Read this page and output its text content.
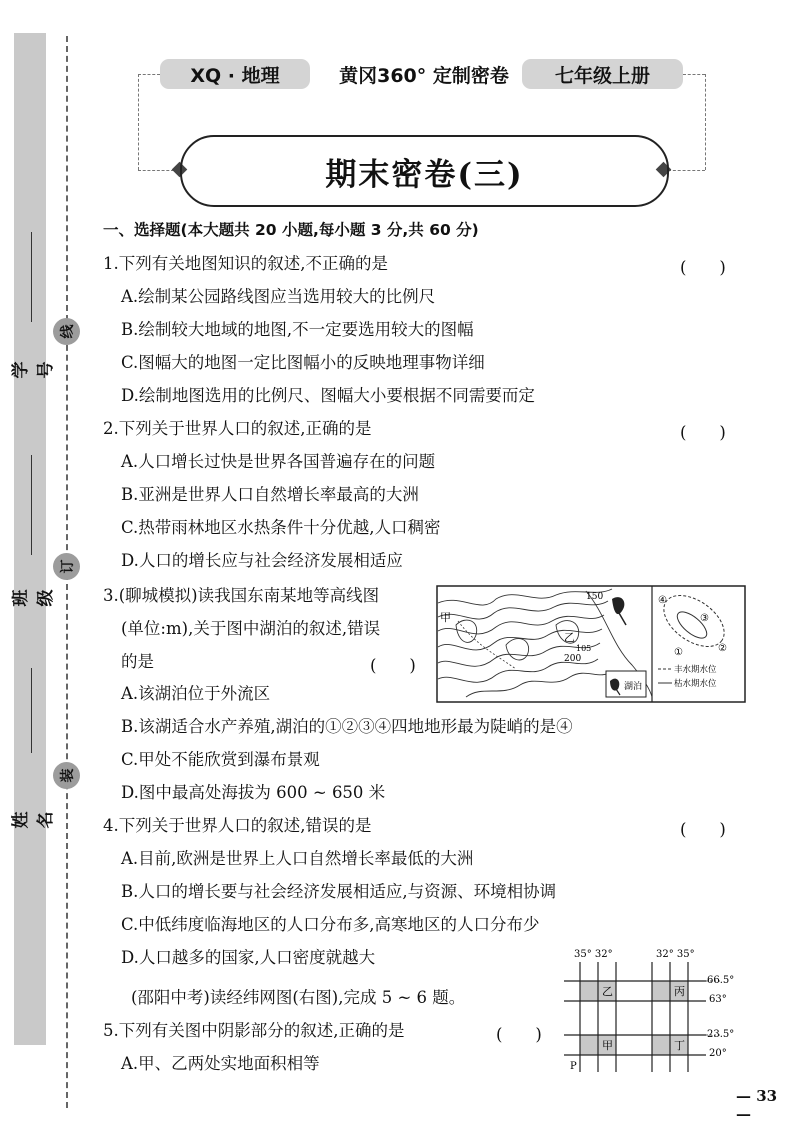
学号
班级
姓名
线
订
装
XQ · 地理	黄冈360° 定制密卷	七年级上册
期末密卷(三)
一、选择题(本大题共 20 小题,每小题 3 分,共 60 分)
1.下列有关地图知识的叙述,不正确的是	(　　)
A.绘制某公园路线图应当选用较大的比例尺
B.绘制较大地域的地图,不一定要选用较大的图幅
C.图幅大的地图一定比图幅小的反映地理事物详细
D.绘制地图选用的比例尺、图幅大小要根据不同需要而定
2.下列关于世界人口的叙述,正确的是	(　　)
A.人口增长过快是世界各国普遍存在的问题
B.亚洲是世界人口自然增长率最高的大洲
C.热带雨林地区水热条件十分优越,人口稠密
D.人口的增长应与社会经济发展相适应
3.(聊城模拟)读我国东南某地等高线图
(单位:m),关于图中湖泊的叙述,错误
的是	(　　)
A.该湖泊位于外流区
B.该湖适合水产养殖,湖泊的①②③④四地地形最为陡峭的是④
C.甲处不能欣赏到瀑布景观
D.图中最高处海拔为 600 ~ 650 米
甲
乙
150
200
105
湖泊
④
③
②
①
丰水期水位
枯水期水位
4.下列关于世界人口的叙述,错误的是	(　　)
A.目前,欧洲是世界上人口自然增长率最低的大洲
B.人口的增长要与社会经济发展相适应,与资源、环境相协调
C.中低纬度临海地区的人口分布多,高寒地区的人口分布少
D.人口越多的国家,人口密度就越大
(邵阳中考)读经纬网图(右图),完成 5 ~ 6 题。
5.下列有关图中阴影部分的叙述,正确的是	(　　)
A.甲、乙两处实地面积相等
35° 32°	32° 35°
66.5°
63°
23.5°
20°
乙	丙
甲	丁
P
— 33 —
